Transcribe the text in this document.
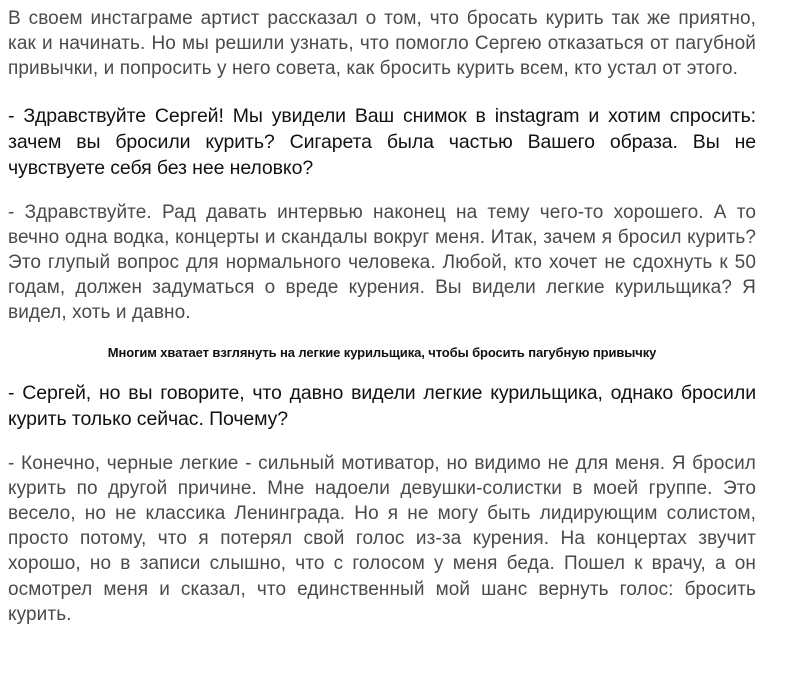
В своем инстаграме артист рассказал о том, что бросать курить так же приятно, как и начинать. Но мы решили узнать, что помогло Сергею отказаться от пагубной привычки, и попросить у него совета, как бросить курить всем, кто устал от этого.

- Здравствуйте Сергей! Мы увидели Ваш снимок в instagram и хотим спросить: зачем вы бросили курить? Сигарета была частью Вашего образа. Вы не чувствуете себя без нее неловко?

- Здравствуйте. Рад давать интервью наконец на тему чего-то хорошего. А то вечно одна водка, концерты и скандалы вокруг меня. Итак, зачем я бросил курить? Это глупый вопрос для нормального человека. Любой, кто хочет не сдохнуть к 50 годам, должен задуматься о вреде курения. Вы видели легкие курильщика? Я видел, хоть и давно.

Многим хватает взглянуть на легкие курильщика, чтобы бросить пагубную привычку

- Сергей, но вы говорите, что давно видели легкие курильщика, однако бросили курить только сейчас. Почему?

- Конечно, черные легкие - сильный мотиватор, но видимо не для меня. Я бросил курить по другой причине. Мне надоели девушки-солистки в моей группе. Это весело, но не классика Ленинграда. Но я не могу быть лидирующим солистом, просто потому, что я потерял свой голос из-за курения. На концертах звучит хорошо, но в записи слышно, что с голосом у меня беда. Пошел к врачу, а он осмотрел меня и сказал, что единственный мой шанс вернуть голос: бросить курить.
